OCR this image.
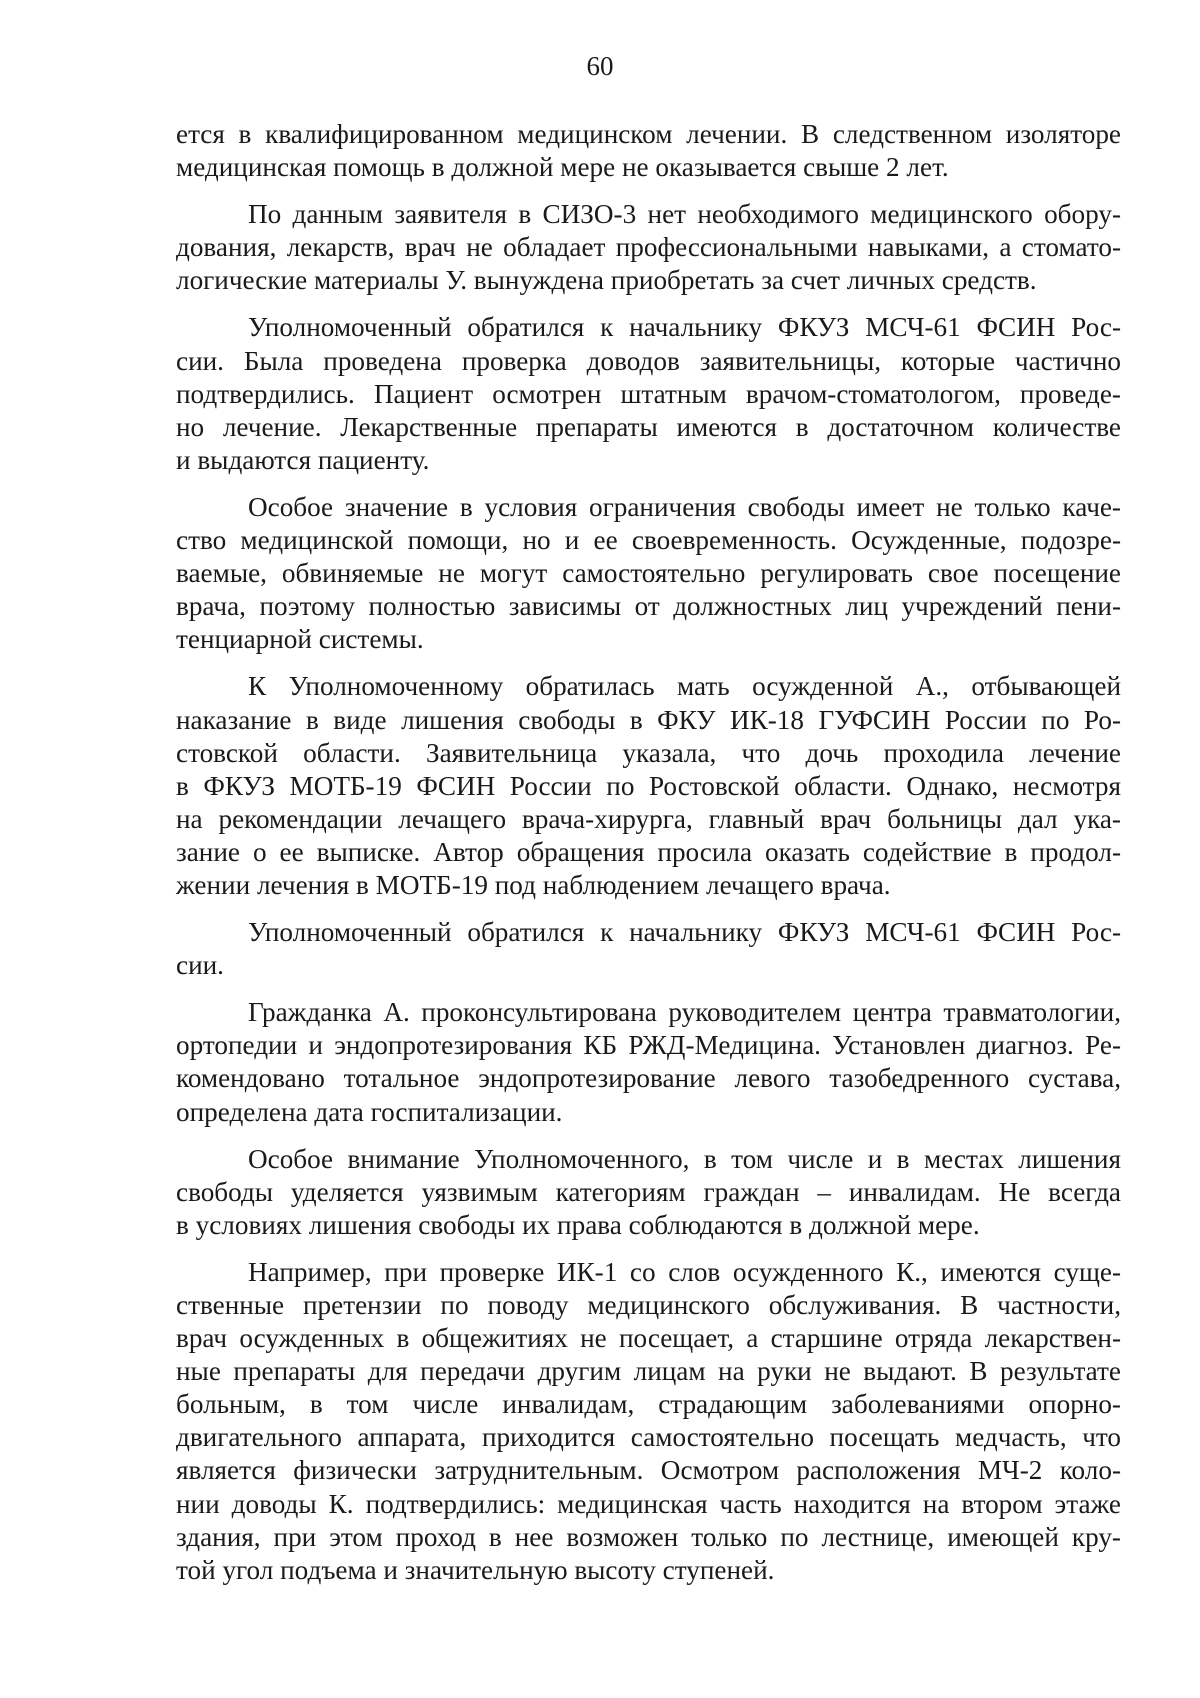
60

ется в квалифицированном медицинском лечении. В следственном изоляторе
медицинская помощь в должной мере не оказывается свыше 2 лет.

По данным заявителя в СИЗО-3 нет необходимого медицинского обору-
дования, лекарств, врач не обладает профессиональными навыками, а стомато-
логические материалы У. вынуждена приобретать за счет личных средств.

Уполномоченный обратился к начальнику ФКУЗ МСЧ-61 ФСИН Рос-
сии. Была проведена проверка доводов заявительницы, которые частично
подтвердились. Пациент осмотрен штатным врачом-стоматологом, проведе-
но лечение. Лекарственные препараты имеются в достаточном количестве
и выдаются пациенту.

Особое значение в условия ограничения свободы имеет не только каче-
ство медицинской помощи, но и ее своевременность. Осужденные, подозре-
ваемые, обвиняемые не могут самостоятельно регулировать свое посещение
врача, поэтому полностью зависимы от должностных лиц учреждений пени-
тенциарной системы.

К Уполномоченному обратилась мать осужденной А., отбывающей
наказание в виде лишения свободы в ФКУ ИК-18 ГУФСИН России по Ро-
стовской области. Заявительница указала, что дочь проходила лечение
в ФКУЗ МОТБ-19 ФСИН России по Ростовской области. Однако, несмотря
на рекомендации лечащего врача-хирурга, главный врач больницы дал ука-
зание о ее выписке. Автор обращения просила оказать содействие в продол-
жении лечения в МОТБ-19 под наблюдением лечащего врача.

Уполномоченный обратился к начальнику ФКУЗ МСЧ-61 ФСИН Рос-
сии.

Гражданка А. проконсультирована руководителем центра травматологии,
ортопедии и эндопротезирования КБ РЖД-Медицина. Установлен диагноз. Ре-
комендовано тотальное эндопротезирование левого тазобедренного сустава,
определена дата госпитализации.

Особое внимание Уполномоченного, в том числе и в местах лишения
свободы уделяется уязвимым категориям граждан – инвалидам. Не всегда
в условиях лишения свободы их права соблюдаются в должной мере.

Например, при проверке ИК-1 со слов осужденного К., имеются суще-
ственные претензии по поводу медицинского обслуживания. В частности,
врач осужденных в общежитиях не посещает, а старшине отряда лекарствен-
ные препараты для передачи другим лицам на руки не выдают. В результате
больным, в том числе инвалидам, страдающим заболеваниями опорно-
двигательного аппарата, приходится самостоятельно посещать медчасть, что
является физически затруднительным. Осмотром расположения МЧ-2 коло-
нии доводы К. подтвердились: медицинская часть находится на втором этаже
здания, при этом проход в нее возможен только по лестнице, имеющей кру-
той угол подъема и значительную высоту ступеней.
